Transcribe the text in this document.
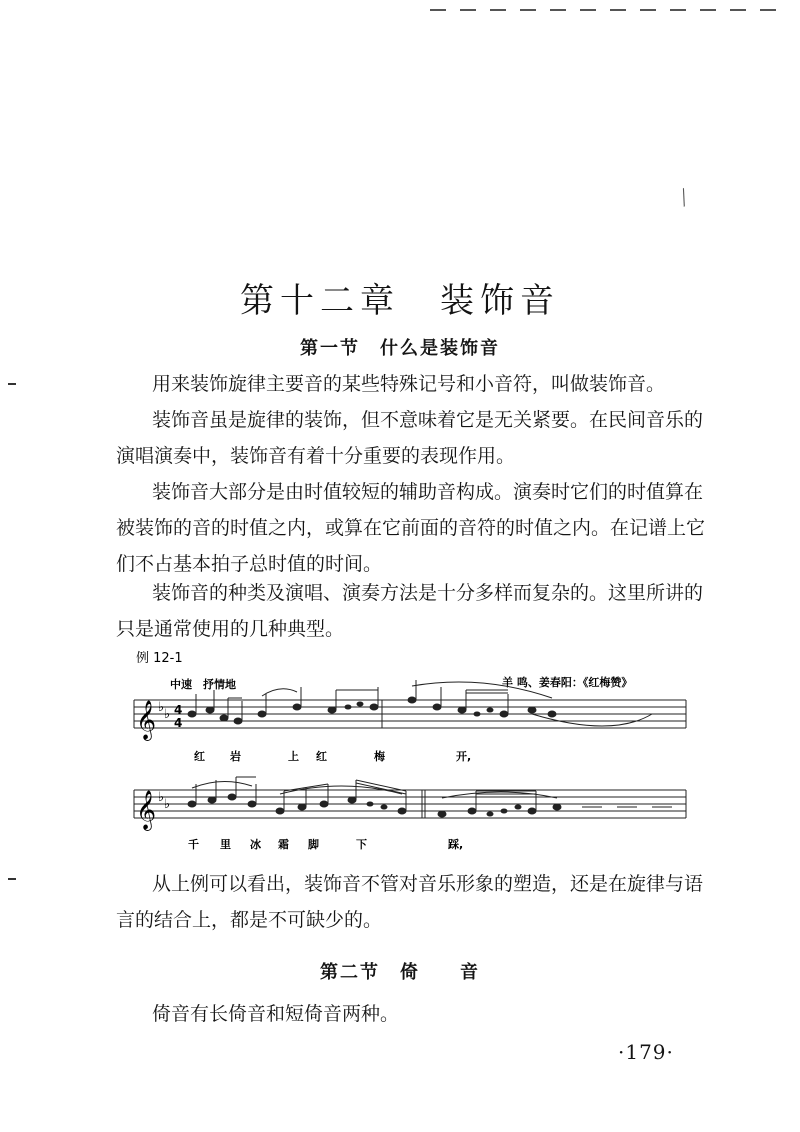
╱
第十二章　装饰音
第一节　什么是装饰音
用来装饰旋律主要音的某些特殊记号和小音符，叫做装饰音。
装饰音虽是旋律的装饰，但不意味着它是无关紧要。在民间音乐的演唱演奏中，装饰音有着十分重要的表现作用。
装饰音大部分是由时值较短的辅助音构成。演奏时它们的时值算在被装饰的音的时值之内，或算在它前面的音符的时值之内。在记谱上它们不占基本拍子总时值的时间。
装饰音的种类及演唱、演奏方法是十分多样而复杂的。这里所讲的只是通常使用的几种典型。
例 12-1
中速　抒情地	羊 鸣、姜春阳：《红梅赞》
𝄞 ♭ ♭ 4
4
红 岩	上 红	梅	开,
𝄞 ♭ ♭
千 里 冰 霜 脚	下	踩,
从上例可以看出，装饰音不管对音乐形象的塑造，还是在旋律与语言的结合上，都是不可缺少的。
第二节　倚　　音
倚音有长倚音和短倚音两种。
·179·
